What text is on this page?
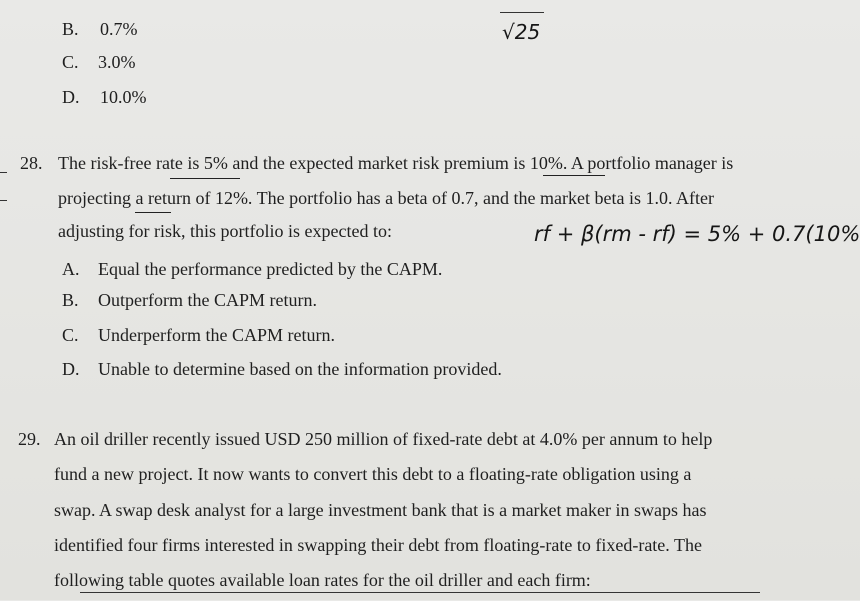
√25
B. 0.7%
C. 3.0%
D. 10.0%
28. The risk-free rate is 5% and the expected market risk premium is 10%. A portfolio manager is
projecting a return of 12%. The portfolio has a beta of 0.7, and the market beta is 1.0. After
adjusting for risk, this portfolio is expected to:	rf + β(rm - rf) = 5% + 0.7(10%
A. Equal the performance predicted by the CAPM.
B. Outperform the CAPM return.
C. Underperform the CAPM return.
D. Unable to determine based on the information provided.
29. An oil driller recently issued USD 250 million of fixed-rate debt at 4.0% per annum to help
fund a new project. It now wants to convert this debt to a floating-rate obligation using a
swap. A swap desk analyst for a large investment bank that is a market maker in swaps has
identified four firms interested in swapping their debt from floating-rate to fixed-rate. The
following table quotes available loan rates for the oil driller and each firm:
